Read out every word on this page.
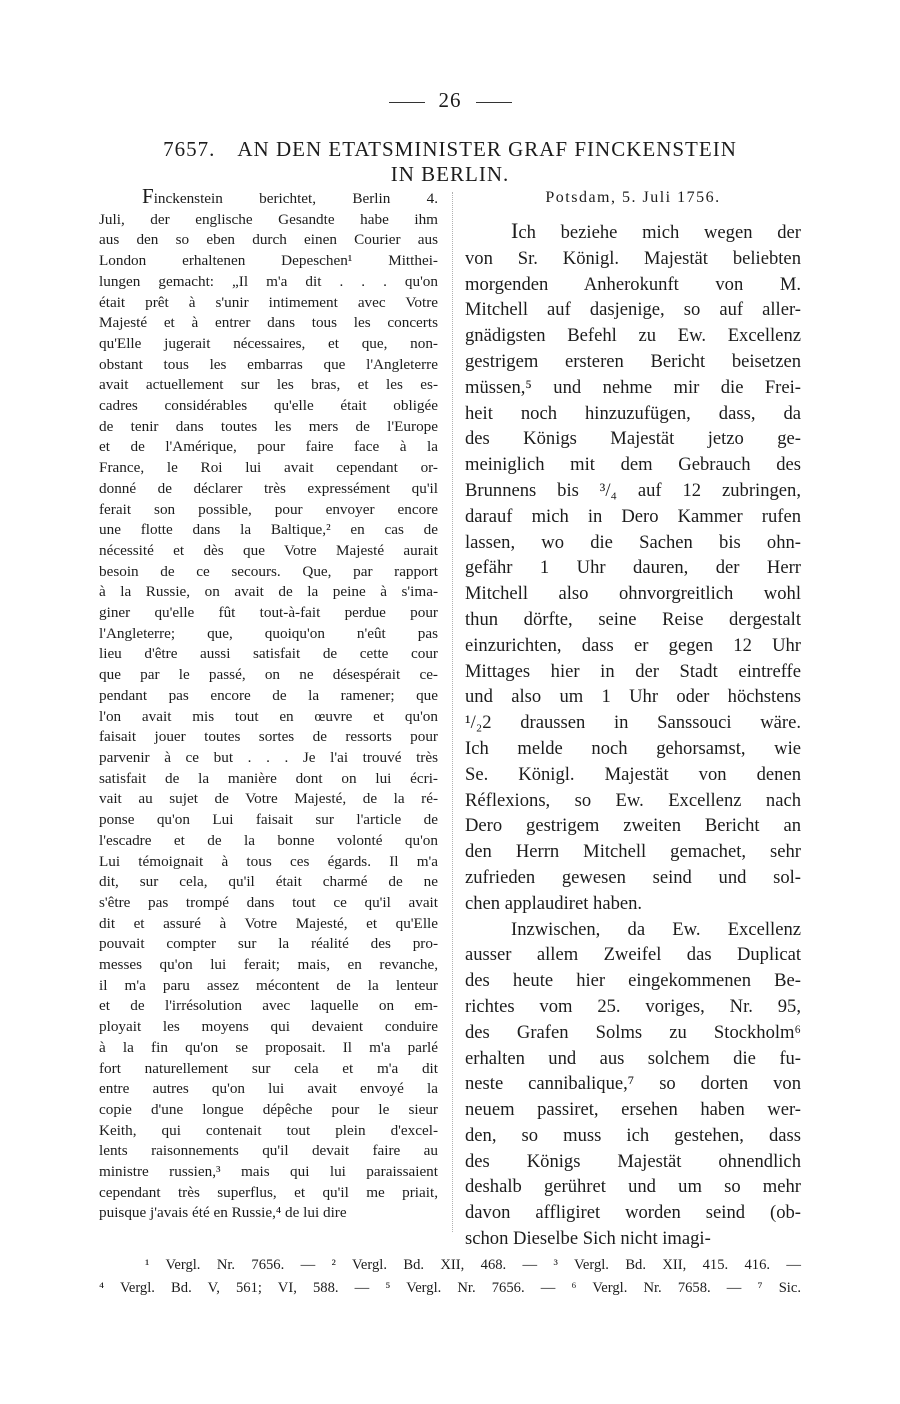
26
7657. AN DEN ETATSMINISTER GRAF FINCKENSTEIN
IN BERLIN.
Finckenstein berichtet, Berlin 4.
Juli, der englische Gesandte habe ihm
aus den so eben durch einen Courier aus
London erhaltenen Depeschen¹ Mitthei-
lungen gemacht: „Il m'a dit . . . qu'on
était prêt à s'unir intimement avec Votre
Majesté et à entrer dans tous les concerts
qu'Elle jugerait nécessaires, et que, non-
obstant tous les embarras que l'Angleterre
avait actuellement sur les bras, et les es-
cadres considérables qu'elle était obligée
de tenir dans toutes les mers de l'Europe
et de l'Amérique, pour faire face à la
France, le Roi lui avait cependant or-
donné de déclarer très expressément qu'il
ferait son possible, pour envoyer encore
une flotte dans la Baltique,² en cas de
nécessité et dès que Votre Majesté aurait
besoin de ce secours. Que, par rapport
à la Russie, on avait de la peine à s'ima-
giner qu'elle fût tout-à-fait perdue pour
l'Angleterre; que, quoiqu'on n'eût pas
lieu d'être aussi satisfait de cette cour
que par le passé, on ne désespérait ce-
pendant pas encore de la ramener; que
l'on avait mis tout en œuvre et qu'on
faisait jouer toutes sortes de ressorts pour
parvenir à ce but . . . Je l'ai trouvé très
satisfait de la manière dont on lui écri-
vait au sujet de Votre Majesté, de la ré-
ponse qu'on Lui faisait sur l'article de
l'escadre et de la bonne volonté qu'on
Lui témoignait à tous ces égards. Il m'a
dit, sur cela, qu'il était charmé de ne
s'être pas trompé dans tout ce qu'il avait
dit et assuré à Votre Majesté, et qu'Elle
pouvait compter sur la réalité des pro-
messes qu'on lui ferait; mais, en revanche,
il m'a paru assez mécontent de la lenteur
et de l'irrésolution avec laquelle on em-
ployait les moyens qui devaient conduire
à la fin qu'on se proposait. Il m'a parlé
fort naturellement sur cela et m'a dit
entre autres qu'on lui avait envoyé la
copie d'une longue dépêche pour le sieur
Keith, qui contenait tout plein d'excel-
lents raisonnements qu'il devait faire au
ministre russien,³ mais qui lui paraissaient
cependant très superflus, et qu'il me priait,
puisque j'avais été en Russie,⁴ de lui dire
Potsdam, 5. Juli 1756.
Ich beziehe mich wegen der
von Sr. Königl. Majestät beliebten
morgenden Anherokunft von M.
Mitchell auf dasjenige, so auf aller-
gnädigsten Befehl zu Ew. Excellenz
gestrigem ersteren Bericht beisetzen
müssen,⁵ und nehme mir die Frei-
heit noch hinzuzufügen, dass, da
des Königs Majestät jetzo ge-
meiniglich mit dem Gebrauch des
Brunnens bis ³/₄ auf 12 zubringen,
darauf mich in Dero Kammer rufen
lassen, wo die Sachen bis ohn-
gefähr 1 Uhr dauren, der Herr
Mitchell also ohnvorgreitlich wohl
thun dörfte, seine Reise dergestalt
einzurichten, dass er gegen 12 Uhr
Mittages hier in der Stadt eintreffe
und also um 1 Uhr oder höchstens
¹/₂2 draussen in Sanssouci wäre.
Ich melde noch gehorsamst, wie
Se. Königl. Majestät von denen
Réflexions, so Ew. Excellenz nach
Dero gestrigem zweiten Bericht an
den Herrn Mitchell gemachet, sehr
zufrieden gewesen seind und sol-
chen applaudiret haben.
Inzwischen, da Ew. Excellenz
ausser allem Zweifel das Duplicat
des heute hier eingekommenen Be-
richtes vom 25. voriges, Nr. 95,
des Grafen Solms zu Stockholm⁶
erhalten und aus solchem die fu-
neste cannibalique,⁷ so dorten von
neuem passiret, ersehen haben wer-
den, so muss ich gestehen, dass
des Königs Majestät ohnendlich
deshalb gerühret und um so mehr
davon affligiret worden seind (ob-
schon Dieselbe Sich nicht imagi-
¹ Vergl. Nr. 7656. — ² Vergl. Bd. XII, 468. — ³ Vergl. Bd. XII, 415. 416. —
⁴ Vergl. Bd. V, 561; VI, 588. — ⁵ Vergl. Nr. 7656. — ⁶ Vergl. Nr. 7658. — ⁷ Sic.
